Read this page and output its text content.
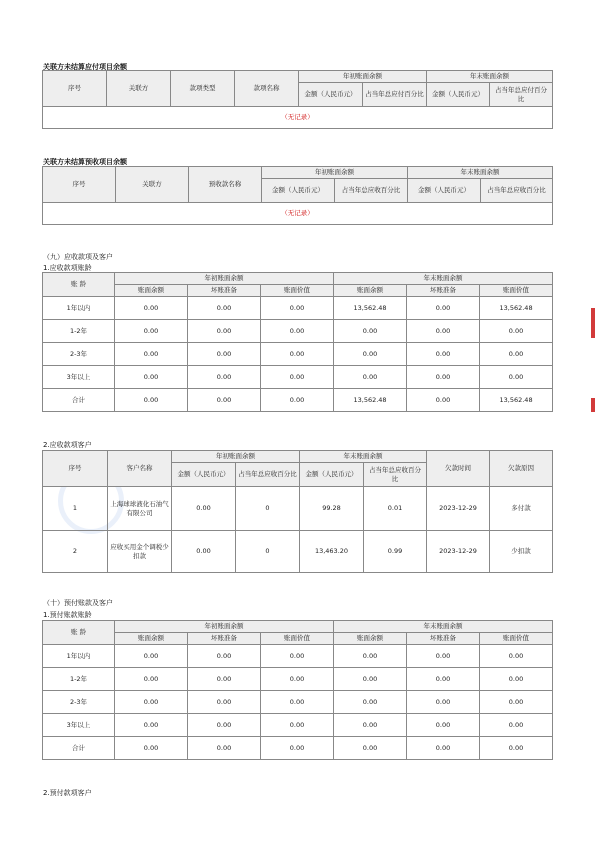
关联方未结算应付项目余额
序号	关联方	款项类型	款项名称	年初账面余额		年末账面余额	
				金额（人民币元）	占当年总应付百分比	金额（人民币元）	占当年总应付百分比
（无记录）							
关联方未结算预收项目余额
序号	关联方	预收款名称	年初账面余额		年末账面余额	
			金额（人民币元）	占当年总应收百分比	金额（人民币元）	占当年总应收百分比
（无记录）						
（九）应收款项及客户
1.应收款项账龄
账 龄	年初账面余额			年末账面余额		
	账面余额	坏账准备	账面价值	账面余额	坏账准备	账面价值
1年以内	0.00	0.00	0.00	13,562.48	0.00	13,562.48
1-2年	0.00	0.00	0.00	0.00	0.00	0.00
2-3年	0.00	0.00	0.00	0.00	0.00	0.00
3年以上	0.00	0.00	0.00	0.00	0.00	0.00
合计	0.00	0.00	0.00	13,562.48	0.00	13,562.48
2.应收款项客户
序号	客户名称	年初账面余额		年末账面余额		欠款时间	欠款原因
		金额（人民币元）	占当年总应收百分比	金额（人民币元）	占当年总应收百分比		
1	上海球球液化石油气有限公司	0.00	0	99.28	0.01	2023-12-29	多付款
2	应收买用金个调税少扣款	0.00	0	13,463.20	0.99	2023-12-29	少扣款
（十）预付账款及客户
1.预付账款账龄
账 龄	年初账面余额			年末账面余额		
	账面余额	坏账准备	账面价值	账面余额	坏账准备	账面价值
1年以内	0.00	0.00	0.00	0.00	0.00	0.00
1-2年	0.00	0.00	0.00	0.00	0.00	0.00
2-3年	0.00	0.00	0.00	0.00	0.00	0.00
3年以上	0.00	0.00	0.00	0.00	0.00	0.00
合计	0.00	0.00	0.00	0.00	0.00	0.00
2.预付款项客户
